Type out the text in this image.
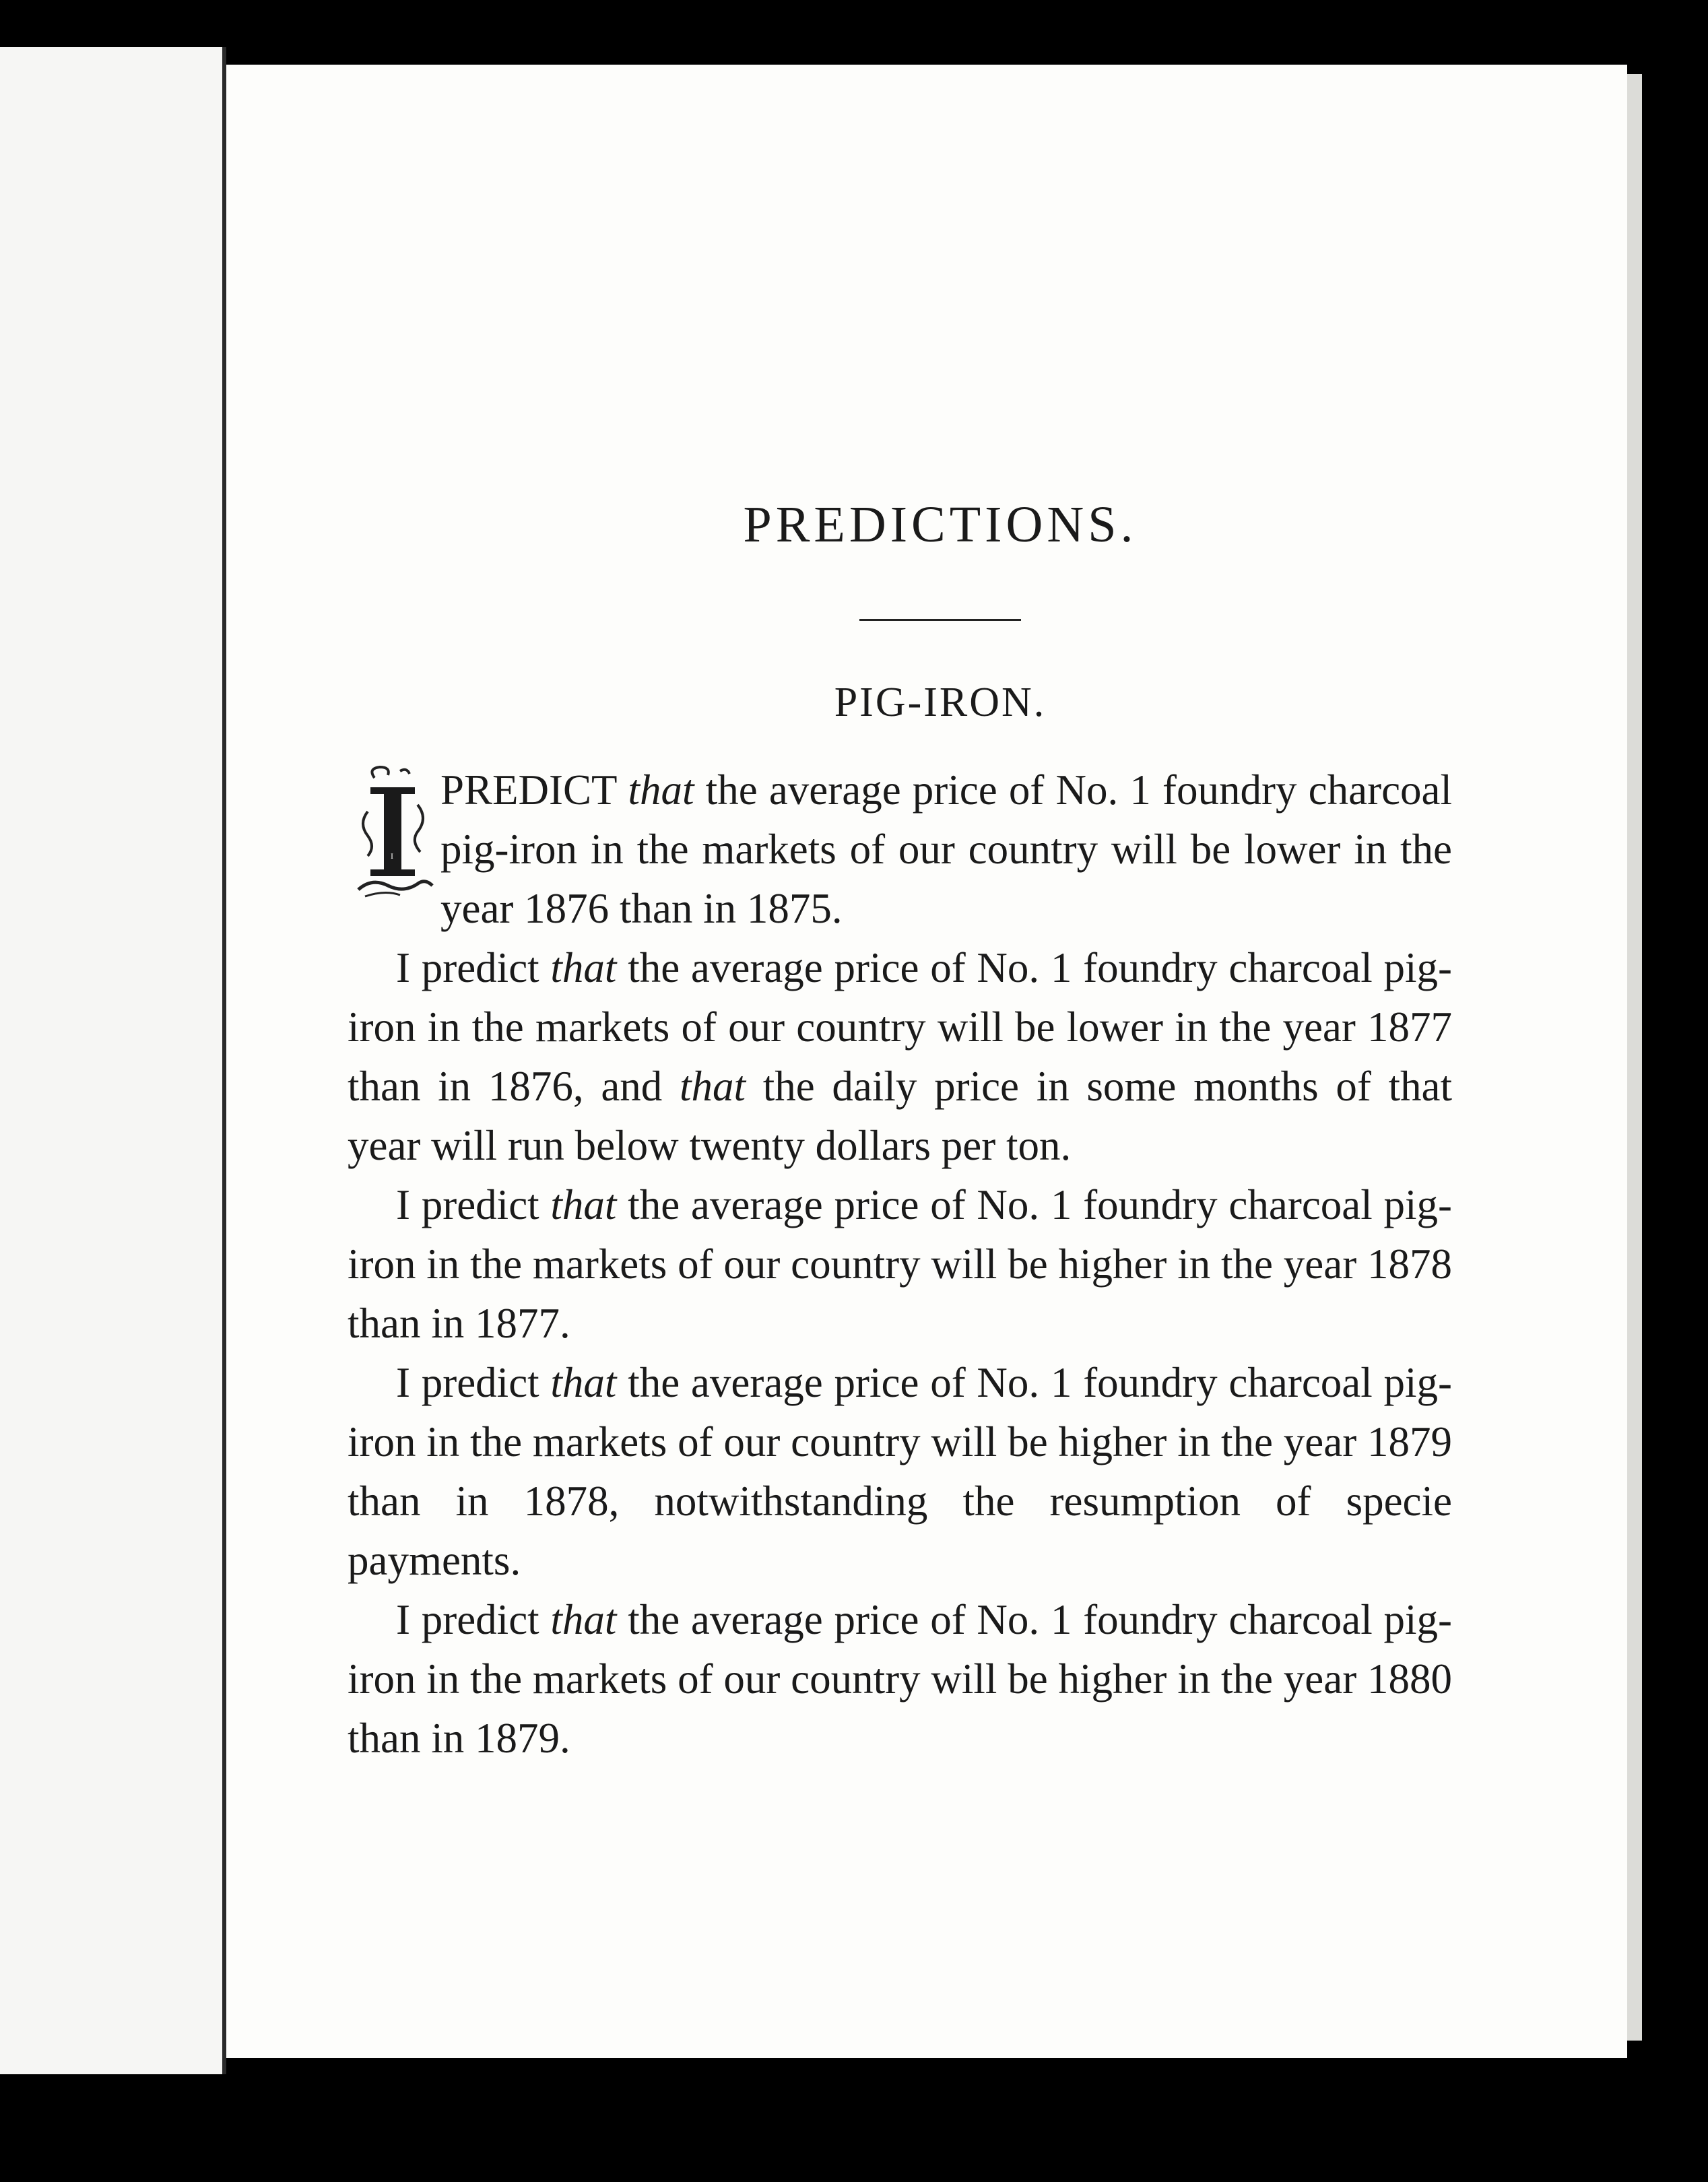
PREDICTIONS.
PIG-IRON.

I
PREDICT that the average price of No. 1 foundry charcoal pig-iron in the markets of our country will be lower in the year 1876 than in 1875.

I predict that the average price of No. 1 foundry charcoal pig-iron in the markets of our country will be lower in the year 1877 than in 1876, and that the daily price in some months of that year will run below twenty dollars per ton.

I predict that the average price of No. 1 foundry charcoal pig-iron in the markets of our country will be higher in the year 1878 than in 1877.

I predict that the average price of No. 1 foundry charcoal pig-iron in the markets of our country will be higher in the year 1879 than in 1878, notwithstanding the resumption of specie payments.

I predict that the average price of No. 1 foundry charcoal pig-iron in the markets of our country will be higher in the year 1880 than in 1879.
